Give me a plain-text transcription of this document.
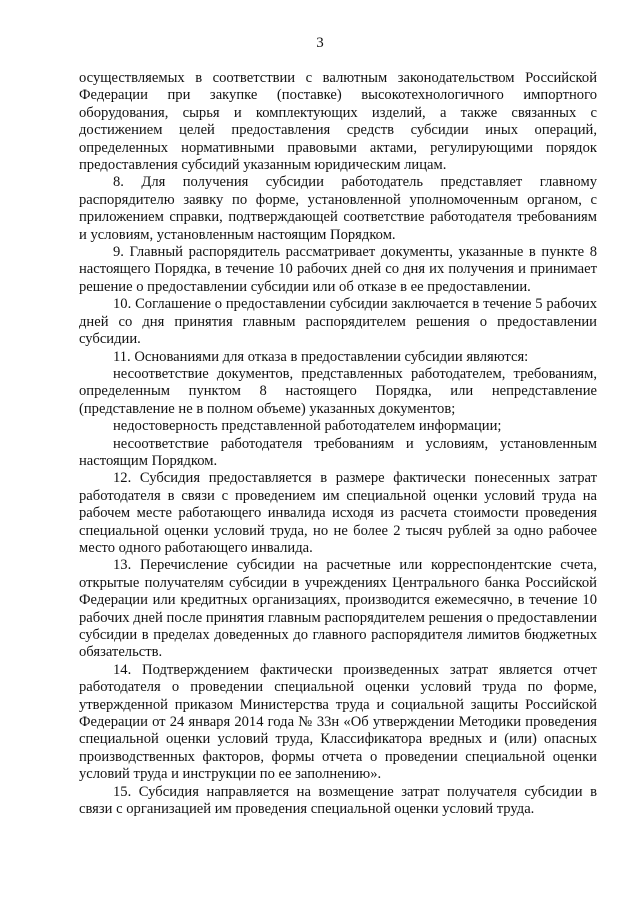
3

осуществляемых в соответствии с валютным законодательством Российской Федерации при закупке (поставке) высокотехнологичного импортного оборудования, сырья и комплектующих изделий, а также связанных с достижением целей предоставления средств субсидии иных операций, определенных нормативными правовыми актами, регулирующими порядок предоставления субсидий указанным юридическим лицам.

8. Для получения субсидии работодатель представляет главному распорядителю заявку по форме, установленной уполномоченным органом, с приложением справки, подтверждающей соответствие работодателя требованиям и условиям, установленным настоящим Порядком.

9. Главный распорядитель рассматривает документы, указанные в пункте 8 настоящего Порядка, в течение 10 рабочих дней со дня их получения и принимает решение о предоставлении субсидии или об отказе в ее предоставлении.

10. Соглашение о предоставлении субсидии заключается в течение 5 рабочих дней со дня принятия главным распорядителем решения о предоставлении субсидии.

11. Основаниями для отказа в предоставлении субсидии являются:

несоответствие документов, представленных работодателем, требованиям, определенным пунктом 8 настоящего Порядка, или непредставление (представление не в полном объеме) указанных документов;

недостоверность представленной работодателем информации;

несоответствие работодателя требованиям и условиям, установленным настоящим Порядком.

12. Субсидия предоставляется в размере фактически понесенных затрат работодателя в связи с проведением им специальной оценки условий труда на рабочем месте работающего инвалида исходя из расчета стоимости проведения специальной оценки условий труда, но не более 2 тысяч рублей за одно рабочее место одного работающего инвалида.

13. Перечисление субсидии на расчетные или корреспондентские счета, открытые получателям субсидии в учреждениях Центрального банка Российской Федерации или кредитных организациях, производится ежемесячно, в течение 10 рабочих дней после принятия главным распорядителем решения о предоставлении субсидии в пределах доведенных до главного распорядителя лимитов бюджетных обязательств.

14. Подтверждением фактически произведенных затрат является отчет работодателя о проведении специальной оценки условий труда по форме, утвержденной приказом Министерства труда и социальной защиты Российской Федерации от 24 января 2014 года № 33н «Об утверждении Методики проведения специальной оценки условий труда, Классификатора вредных и (или) опасных производственных факторов, формы отчета о проведении специальной оценки условий труда и инструкции по ее заполнению».

15. Субсидия направляется на возмещение затрат получателя субсидии в связи с организацией им проведения специальной оценки условий труда.
